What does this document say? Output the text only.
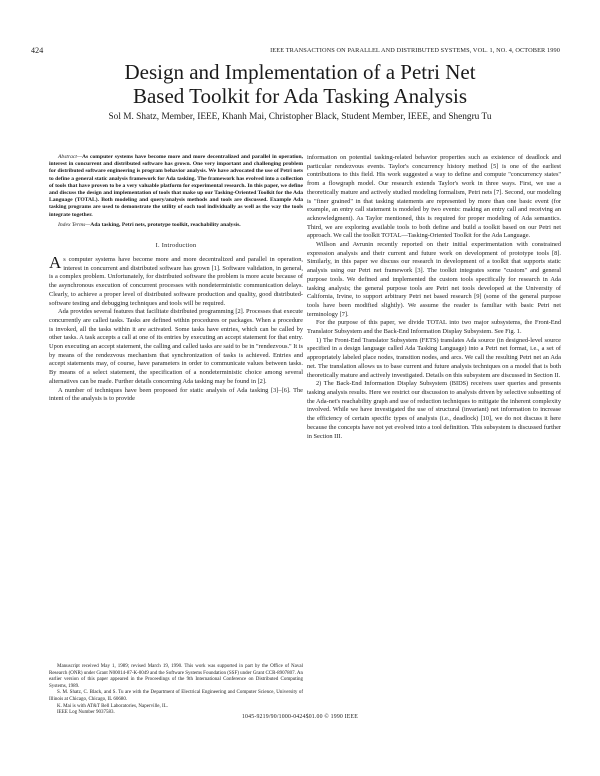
424	IEEE TRANSACTIONS ON PARALLEL AND DISTRIBUTED SYSTEMS, VOL. 1, NO. 4, OCTOBER 1990
Design and Implementation of a Petri Net
Based Toolkit for Ada Tasking Analysis
Sol M. Shatz, Member, IEEE, Khanh Mai, Christopher Black, Student Member, IEEE, and Shengru Tu

Abstract—As computer systems have become more and more decentralized and parallel in operation, interest in concurrent and distributed software has grown. One very important and challenging problem for distributed software engineering is program behavior analysis. We have advocated the use of Petri nets to define a general static analysis framework for Ada tasking. The framework has evolved into a collection of tools that have proven to be a very valuable platform for experimental research. In this paper, we define and discuss the design and implementation of tools that make up our Tasking-Oriented Toolkit for the Ada Language (TOTAL). Both modeling and query/analysis methods and tools are discussed. Example Ada tasking programs are used to demonstrate the utility of each tool individually as well as the way the tools integrate together.

Index Terms—Ada tasking, Petri nets, prototype toolkit, reachability analysis.

I. Introduction

As computer systems have become more and more decentralized and parallel in operation, interest in concurrent and distributed software has grown [1]. Software validation, in general, is a complex problem. Unfortunately, for distributed software the problem is more acute because of the asynchronous execution of concurrent processes with nondeterministic communication delays. Clearly, to achieve a proper level of distributed software production and quality, good distributed-software testing and debugging techniques and tools will be required.

Ada provides several features that facilitate distributed programming [2]. Processes that execute concurrently are called tasks. Tasks are defined within procedures or packages. When a procedure is invoked, all the tasks within it are activated. Some tasks have entries, which can be called by other tasks. A task accepts a call at one of its entries by executing an accept statement for that entry. Upon executing an accept statement, the calling and called tasks are said to be in "rendezvous." It is by means of the rendezvous mechanism that synchronization of tasks is achieved. Entries and accept statements may, of course, have parameters in order to communicate values between tasks. By means of a select statement, the specification of a nondeterministic choice among several alternatives can be made. Further details concerning Ada tasking may be found in [2].

A number of techniques have been proposed for static analysis of Ada tasking [3]–[6]. The intent of the analysis is to provide

Manuscript received May 1, 1989; revised March 19, 1990. This work was supported in part by the Office of Naval Research (ONR) under Grant N00014-87-K-0049 and the Software Systems Foundation (SSF) under Grant CCR-8907807. An earlier version of this paper appeared in the Proceedings of the 9th International Conference on Distributed Computing Systems, 1989.

S. M. Shatz, C. Black, and S. Tu are with the Department of Electrical Engineering and Computer Science, University of Illinois at Chicago, Chicago, IL 60680.

K. Mai is with AT&T Bell Laboratories, Naperville, IL.

IEEE Log Number 9037583.

information on potential tasking-related behavior properties such as existence of deadlock and particular rendezvous events. Taylor's concurrency history method [5] is one of the earliest contributions to this field. His work suggested a way to define and compute "concurrency states" from a flowgraph model. Our research extends Taylor's work in three ways. First, we use a theoretically mature and actively studied modeling formalism, Petri nets [7]. Second, our modeling is "finer grained" in that tasking statements are represented by more than one basic event (for example, an entry call statement is modeled by two events: making an entry call and receiving an acknowledgment). As Taylor mentioned, this is required for proper modeling of Ada semantics. Third, we are exploring available tools to both define and build a toolkit based on our Petri net approach. We call the toolkit TOTAL—Tasking-Oriented Toolkit for the Ada Language.

Willson and Avrunin recently reported on their initial experimentation with constrained expression analysis and their current and future work on development of prototype tools [8]. Similarly, in this paper we discuss our research in development of a toolkit that supports static analysis using our Petri net framework [3]. The toolkit integrates some "custom" and general purpose tools. We defined and implemented the custom tools specifically for research in Ada tasking analysis; the general purpose tools are Petri net tools developed at the University of California, Irvine, to support arbitrary Petri net based research [9] (some of the general purpose tools have been modified slightly). We assume the reader is familiar with basic Petri net terminology [7].

For the purpose of this paper, we divide TOTAL into two major subsystems, the Front-End Translator Subsystem and the Back-End Information Display Subsystem. See Fig. 1.

1) The Front-End Translator Subsystem (FETS) translates Ada source (in designed-level source specified in a design language called Ada Tasking Language) into a Petri net format, i.e., a set of appropriately labeled place nodes, transition nodes, and arcs. We call the resulting Petri net an Ada net. The translation allows us to base current and future analysis techniques on a model that is both theoretically mature and actively investigated. Details on this subsystem are discussed in Section II.

2) The Back-End Information Display Subsystem (BIDS) receives user queries and presents tasking analysis results. Here we restrict our discussion to analysis driven by selective subsetting of the Ada-net's reachability graph and use of reduction techniques to mitigate the inherent complexity involved. While we have investigated the use of structural (invariant) net information to increase the efficiency of certain specific types of analysis (i.e., deadlock) [10], we do not discuss it here because the concepts have not yet evolved into a tool definition. This subsystem is discussed further in Section III.

1045-9219/90/1000-0424$01.00 © 1990 IEEE
